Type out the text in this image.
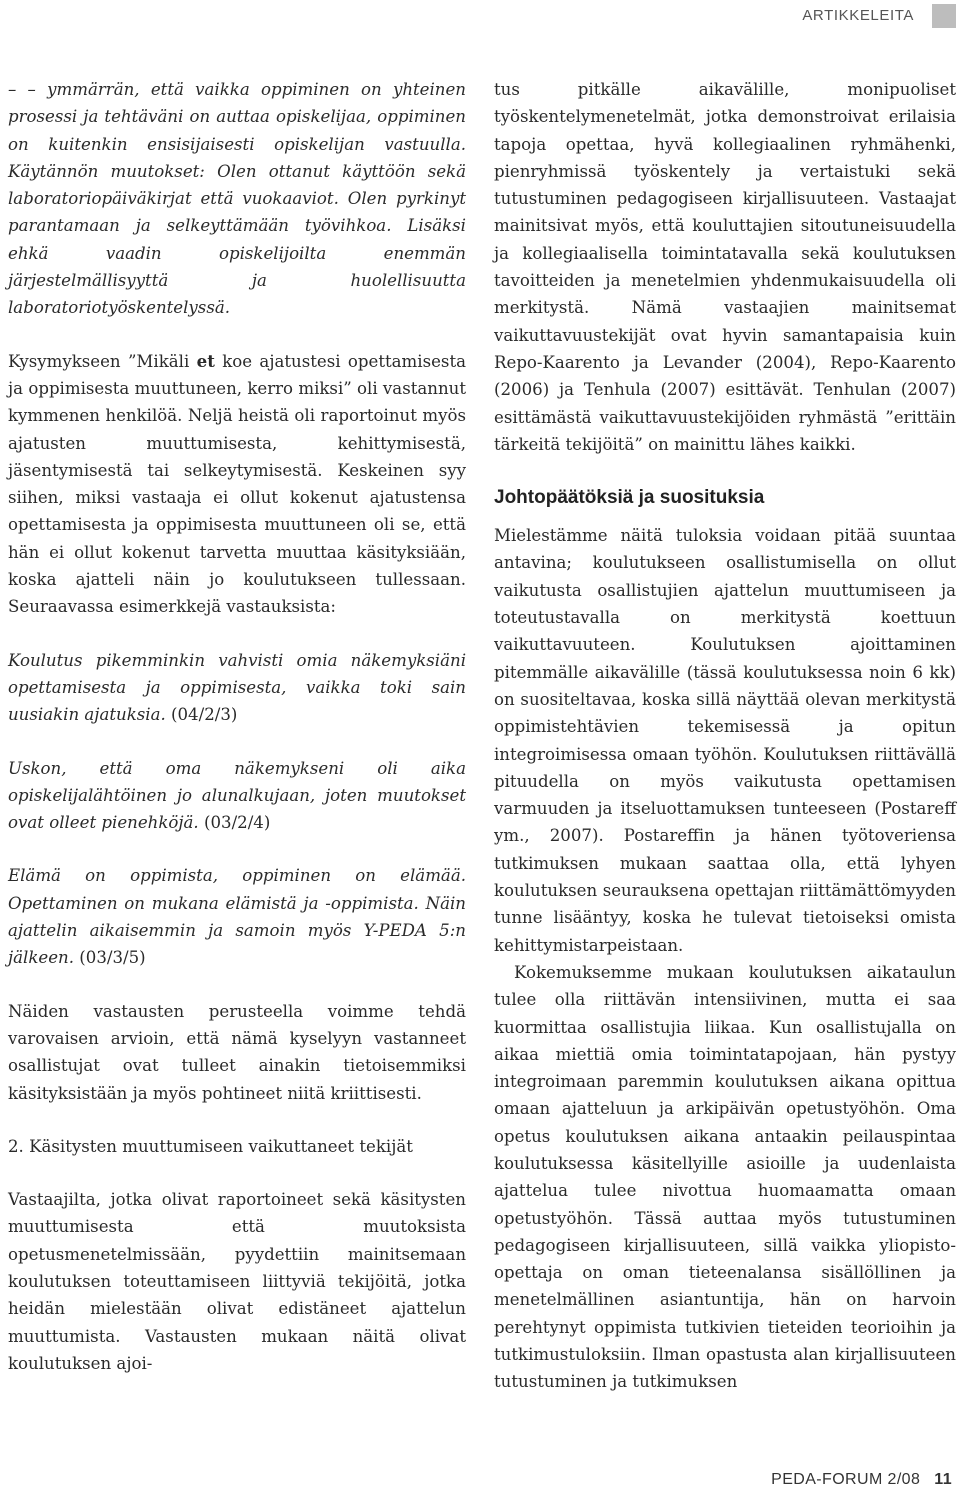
ARTIKKELEITA

– – ymmärrän, että vaikka oppiminen on yhteinen prosessi ja tehtäväni on auttaa opiskelijaa, oppiminen on kuitenkin ensisijaisesti opiskelijan vastuulla. Käytännön muutokset: Olen ottanut käyttöön sekä laboratoriopäiväkirjat että vuokaaviot. Olen pyrkinyt parantamaan ja selkeyttämään työvihkoa. Lisäksi ehkä vaadin opiskelijoilta enemmän järjestelmällisyyttä ja huolellisuutta laboratoriotyöskentelyssä.

Kysymykseen ”Mikäli et koe ajatustesi opettamisesta ja oppimisesta muuttuneen, kerro miksi” oli vastannut kymmenen henkilöä. Neljä heistä oli raportoinut myös ajatusten muuttumisesta, kehittymisestä, jäsentymisestä tai selkeytymisestä. Keskeinen syy siihen, miksi vastaaja ei ollut kokenut ajatustensa opettamisesta ja oppimisesta muuttuneen oli se, että hän ei ollut kokenut tarvetta muuttaa käsityksiään, koska ajatteli näin jo koulutukseen tullessaan. Seuraavassa esimerkkejä vastauksista:

Koulutus pikemminkin vahvisti omia näkemyksiäni opettamisesta ja oppimisesta, vaikka toki sain uusiakin ajatuksia. (04/2/3)

Uskon, että oma näkemykseni oli aika opiskelijalähtöinen jo alunalkujaan, joten muutokset ovat olleet pienehköjä. (03/2/4)

Elämä on oppimista, oppiminen on elämää. Opettaminen on mukana elämistä ja -oppimista. Näin ajattelin aikaisemmin ja samoin myös Y-PEDA 5:n jälkeen. (03/3/5)

Näiden vastausten perusteella voimme tehdä varovaisen arvioin, että nämä kyselyyn vastanneet osallistujat ovat tulleet ainakin tietoisemmiksi käsityksistään ja myös pohtineet niitä kriittisesti.

2. Käsitysten muuttumiseen vaikuttaneet tekijät

Vastaajilta, jotka olivat raportoineet sekä käsitysten muuttumisesta että muutoksista opetusmenetelmissään, pyydettiin mainitsemaan koulutuksen toteuttamiseen liittyviä tekijöitä, jotka heidän mielestään olivat edistäneet ajattelun muuttumista. Vastausten mukaan näitä olivat koulutuksen ajoi-

tus pitkälle aikavälille, monipuoliset työskentelymenetelmät, jotka demonstroivat erilaisia tapoja opettaa, hyvä kollegiaalinen ryhmähenki, pienryhmissä työskentely ja vertaistuki sekä tutustuminen pedagogiseen kirjallisuuteen. Vastaajat mainitsivat myös, että kouluttajien sitoutuneisuudella ja kollegiaalisella toimintatavalla sekä koulutuksen tavoitteiden ja menetelmien yhdenmukaisuudella oli merkitystä. Nämä vastaajien mainitsemat vaikuttavuustekijät ovat hyvin samantapaisia kuin Repo-Kaarento ja Levander (2004), Repo-Kaarento (2006) ja Tenhula (2007) esittävät. Tenhulan (2007) esittämästä vaikuttavuustekijöiden ryhmästä ”erittäin tärkeitä tekijöitä” on mainittu lähes kaikki.

Johtopäätöksiä ja suosituksia

Mielestämme näitä tuloksia voidaan pitää suuntaa antavina; koulutukseen osallistumisella on ollut vaikutusta osallistujien ajattelun muuttumiseen ja toteutustavalla on merkitystä koettuun vaikuttavuuteen. Koulutuksen ajoittaminen pitemmälle aikavälille (tässä koulutuksessa noin 6 kk) on suositeltavaa, koska sillä näyttää olevan merkitystä oppimistehtävien tekemisessä ja opitun integroimisessa omaan työhön. Koulutuksen riittävällä pituudella on myös vaikutusta opettamisen varmuuden ja itseluottamuksen tunteeseen (Postareff ym., 2007). Postareffin ja hänen työtoveriensa tutkimuksen mukaan saattaa olla, että lyhyen koulutuksen seurauksena opettajan riittämättömyyden tunne lisääntyy, koska he tulevat tietoiseksi omista kehittymistarpeistaan.

Kokemuksemme mukaan koulutuksen aikataulun tulee olla riittävän intensiivinen, mutta ei saa kuormittaa osallistujia liikaa. Kun osallistujalla on aikaa miettiä omia toimintatapojaan, hän pystyy integroimaan paremmin koulutuksen aikana opittua omaan ajatteluun ja arkipäivän opetustyöhön. Oma opetus koulutuksen aikana antaakin peilauspintaa koulutuksessa käsitellyille asioille ja uudenlaista ajattelua tulee nivottua huomaamatta omaan opetustyöhön. Tässä auttaa myös tutustuminen pedagogiseen kirjallisuuteen, sillä vaikka yliopisto-opettaja on oman tieteenalansa sisällöllinen ja menetelmällinen asiantuntija, hän on harvoin perehtynyt oppimista tutkivien tieteiden teorioihin ja tutkimustuloksiin. Ilman opastusta alan kirjallisuuteen tutustuminen ja tutkimuksen

PEDA-FORUM 2/08 11
